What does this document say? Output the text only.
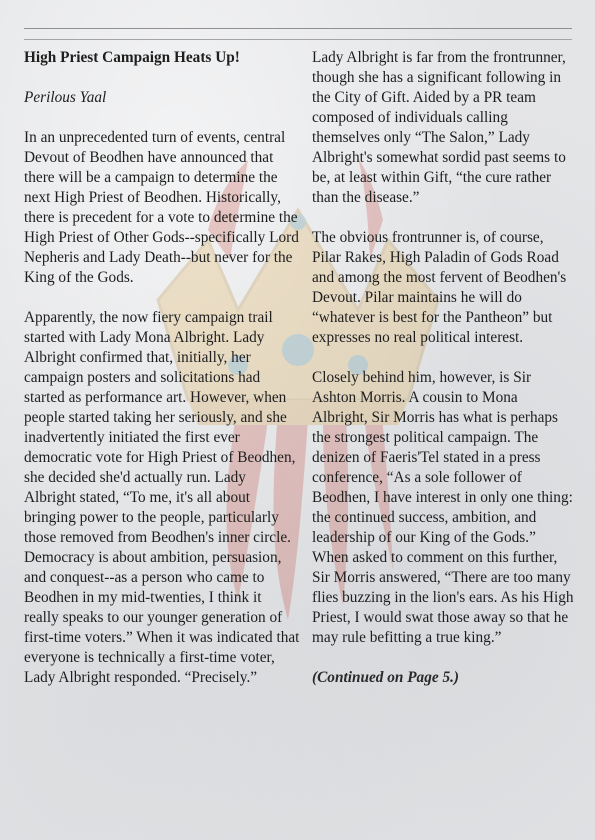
High Priest Campaign Heats Up!

Perilous Yaal

In an unprecedented turn of events, central Devout of Beodhen have announced that there will be a campaign to determine the next High Priest of Beodhen. Historically, there is precedent for a vote to determine the High Priest of Other Gods--specifically Lord Nepheris and Lady Death--but never for the King of the Gods.

Apparently, the now fiery campaign trail started with Lady Mona Albright. Lady Albright confirmed that, initially, her campaign posters and solicitations had started as performance art. However, when people started taking her seriously, and she inadvertently initiated the first ever democratic vote for High Priest of Beodhen, she decided she'd actually run. Lady Albright stated, “To me, it's all about bringing power to the people, particularly those removed from Beodhen's inner circle. Democracy is about ambition, persuasion, and conquest--as a person who came to Beodhen in my mid-twenties, I think it really speaks to our younger generation of first-time voters.” When it was indicated that everyone is technically a first-time voter, Lady Albright responded. “Precisely.”

Lady Albright is far from the frontrunner, though she has a significant following in the City of Gift. Aided by a PR team composed of individuals calling themselves only “The Salon,” Lady Albright's somewhat sordid past seems to be, at least within Gift, “the cure rather than the disease.”

The obvious frontrunner is, of course, Pilar Rakes, High Paladin of Gods Road and among the most fervent of Beodhen's Devout. Pilar maintains he will do “whatever is best for the Pantheon” but expresses no real political interest.

Closely behind him, however, is Sir Ashton Morris. A cousin to Mona Albright, Sir Morris has what is perhaps the strongest political campaign. The denizen of Faeris'Tel stated in a press conference, “As a sole follower of Beodhen, I have interest in only one thing: the continued success, ambition, and leadership of our King of the Gods.” When asked to comment on this further, Sir Morris answered, “There are too many flies buzzing in the lion's ears. As his High Priest, I would swat those away so that he may rule befitting a true king.”

(Continued on Page 5.)
